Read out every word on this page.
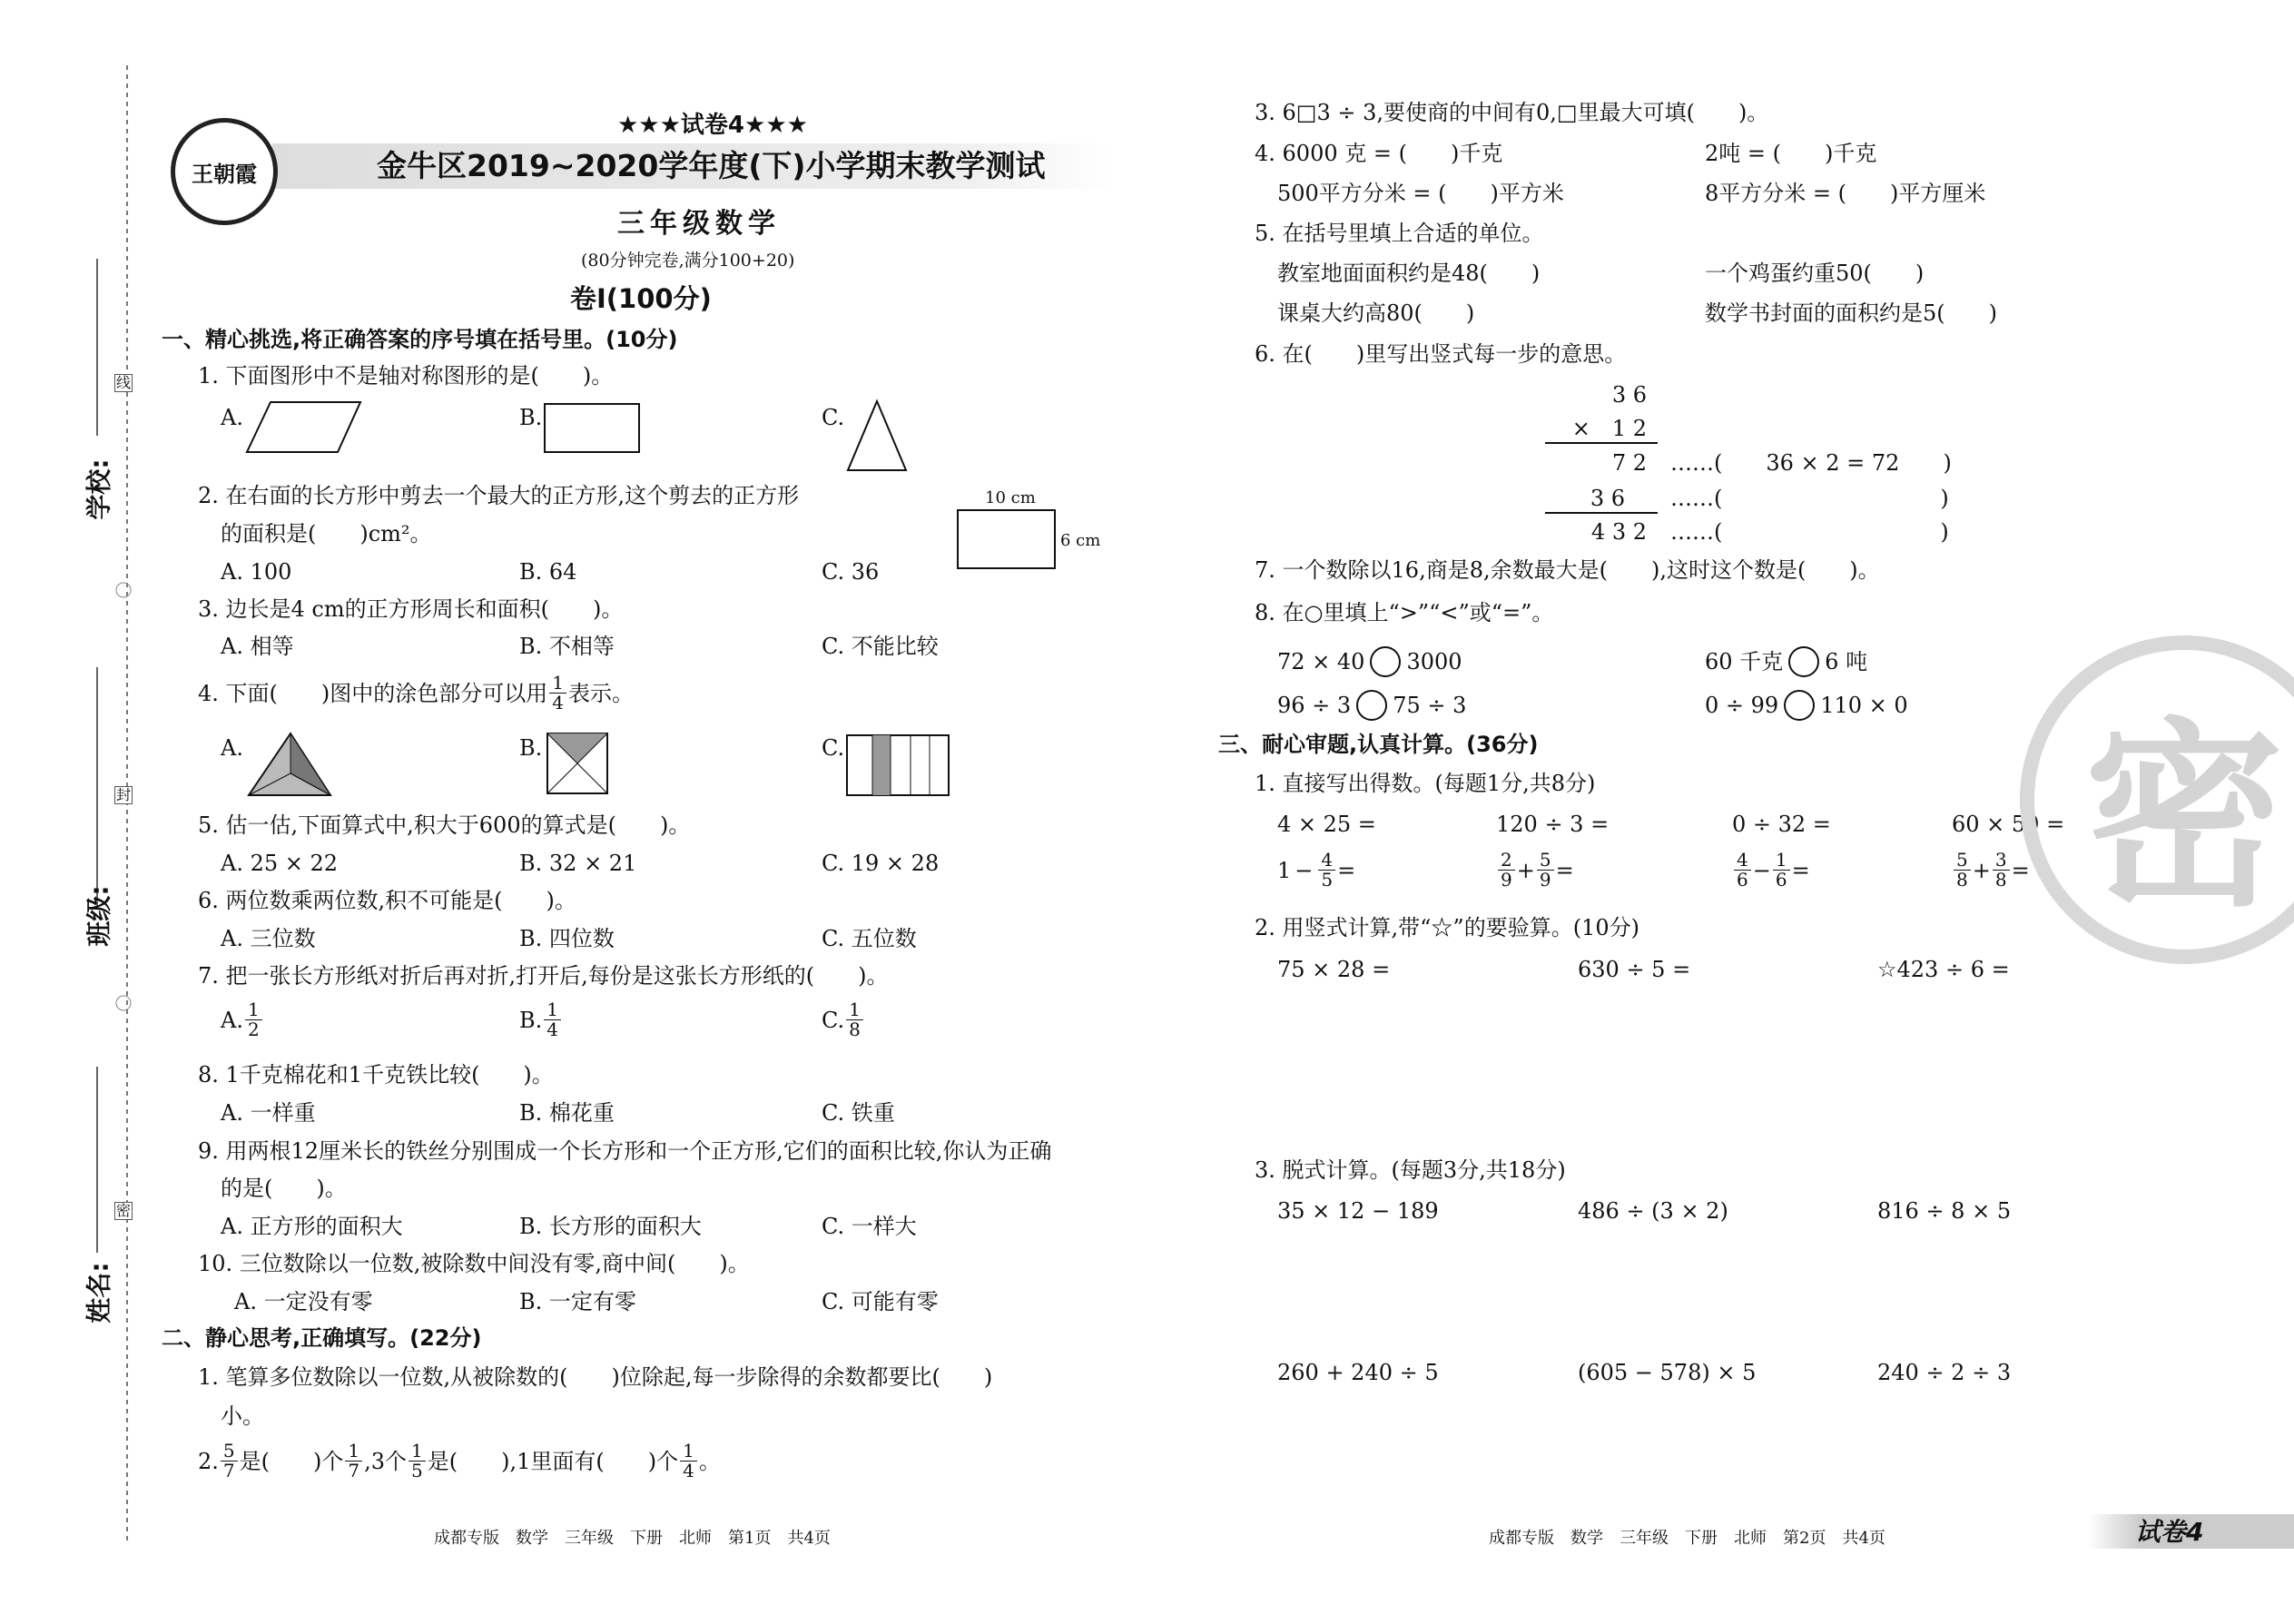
学校:
班级:
姓名:
线
封
密
王朝霞
★★★试卷4★★★
金牛区2019~2020学年度(下)小学期末教学测试
三年级数学
(80分钟完卷,满分100+20)
卷Ⅰ(100分)
一、精心挑选,将正确答案的序号填在括号里。(10分)
1. 下面图形中不是轴对称图形的是(　　)。
A.	B.	C.
2. 在右面的长方形中剪去一个最大的正方形,这个剪去的正方形
的面积是(　　)cm²。
10 cm
6 cm
A. 100	B. 64	C. 36
3. 边长是4 cm的正方形周长和面积(　　)。
A. 相等	B. 不相等	C. 不能比较
4. 下面(　　)图中的涂色部分可以用 $\frac{1}{4}$ 表示。
A.	B.	C.
5. 估一估,下面算式中,积大于600的算式是(　　)。
A. 25 × 22	B. 32 × 21	C. 19 × 28
6. 两位数乘两位数,积不可能是(　　)。
A. 三位数	B. 四位数	C. 五位数
7. 把一张长方形纸对折后再对折,打开后,每份是这张长方形纸的(　　)。
A. $\frac{1}{2}$	B. $\frac{1}{4}$	C. $\frac{1}{8}$
8. 1千克棉花和1千克铁比较(　　)。
A. 一样重	B. 棉花重	C. 铁重
9. 用两根12厘米长的铁丝分别围成一个长方形和一个正方形,它们的面积比较,你认为正确
的是(　　)。
A. 正方形的面积大	B. 长方形的面积大	C. 一样大
10. 三位数除以一位数,被除数中间没有零,商中间(　　)。
A. 一定没有零	B. 一定有零	C. 可能有零
二、静心思考,正确填写。(22分)
1. 笔算多位数除以一位数,从被除数的(　　)位除起,每一步除得的余数都要比(　　)
小。
2. $\frac{5}{7}$ 是(　　)个 $\frac{1}{7} ,3$个 $\frac{1}{5}$ 是(　　),1里面有(　　)个 $\frac{1}{4}$ 。
3. 6□3 ÷ 3,要使商的中间有0,□里最大可填(　　)。
4. 6000 克 = (　　)千克	2吨 = (　　)千克
500平方分米 = (　　)平方米	8平方分米 = (　　)平方厘米
5. 在括号里填上合适的单位。
教室地面面积约是48(　　)	一个鸡蛋约重50(　　)
课桌大约高80(　　)	数学书封面的面积约是5(　　)
6. 在(　　)里写出竖式每一步的意思。
3 6
×　1 2
7 2
3 6
4 3 2
……(　　36 × 2 = 72　　)
……(　　　　　　　　　　)
……(　　　　　　　　　　)
7. 一个数除以16,商是8,余数最大是(　　),这时这个数是(　　)。
8. 在○里填上“>”“<”或“=”。
72 × 40 3000	60 千克 6 吨
96 ÷ 3 75 ÷ 3	0 ÷ 99 110 × 0
三、耐心审题,认真计算。(36分)
1. 直接写出得数。(每题1分,共8分)
4 × 25 =	120 ÷ 3 =	0 ÷ 32 =	60 × 50 =
$1 - \frac{4}{5}$ =	$\frac{2}{9} + \frac{5}{9}$ =	$\frac{4}{6} - \frac{1}{6}$ =	$\frac{5}{8} + \frac{3}{8}$ =
2. 用竖式计算,带“☆”的要验算。(10分)
75 × 28 =	630 ÷ 5 =	☆423 ÷ 6 =
3. 脱式计算。(每题3分,共18分)
35 × 12 − 189	486 ÷ (3 × 2)	816 ÷ 8 × 5
260 + 240 ÷ 5	(605 − 578) × 5	240 ÷ 2 ÷ 3
密
成都专版　数学　三年级　下册　北师　第1页　共4页	成都专版　数学　三年级　下册　北师　第2页　共4页	试卷4
